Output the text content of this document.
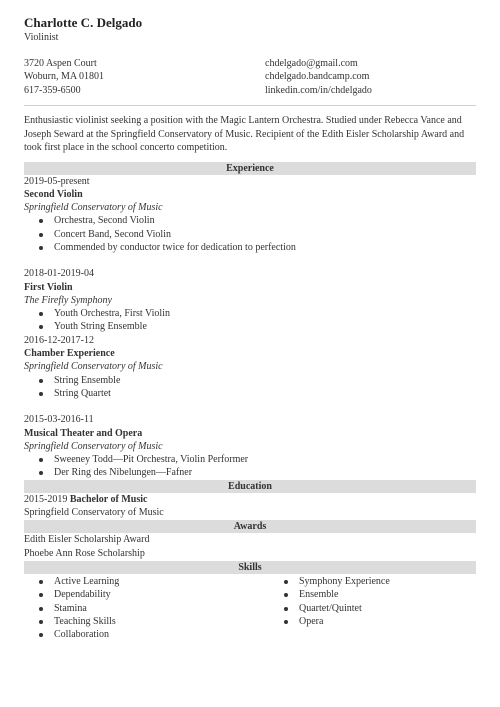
Charlotte C. Delgado
Violinist
3720 Aspen Court
Woburn, MA 01801
617-359-6500
chdelgado@gmail.com
chdelgado.bandcamp.com
linkedin.com/in/chdelgado
Enthusiastic violinist seeking a position with the Magic Lantern Orchestra. Studied under Rebecca Vance and Joseph Seward at the Springfield Conservatory of Music. Recipient of the Edith Eisler Scholarship Award and took first place in the school concerto competition.
Experience
2019-05-present
Second Violin
Springfield Conservatory of Music
Orchestra, Second Violin
Concert Band, Second Violin
Commended by conductor twice for dedication to perfection
2018-01-2019-04
First Violin
The Firefly Symphony
Youth Orchestra, First Violin
Youth String Ensemble
2016-12-2017-12
Chamber Experience
Springfield Conservatory of Music
String Ensemble
String Quartet
2015-03-2016-11
Musical Theater and Opera
Springfield Conservatory of Music
Sweeney Todd—Pit Orchestra, Violin Performer
Der Ring des Nibelungen—Fafner
Education
2015-2019 Bachelor of Music
Springfield Conservatory of Music
Awards
Edith Eisler Scholarship Award
Phoebe Ann Rose Scholarship
Skills
Active Learning
Dependability
Stamina
Teaching Skills
Collaboration
Symphony Experience
Ensemble
Quartet/Quintet
Opera
